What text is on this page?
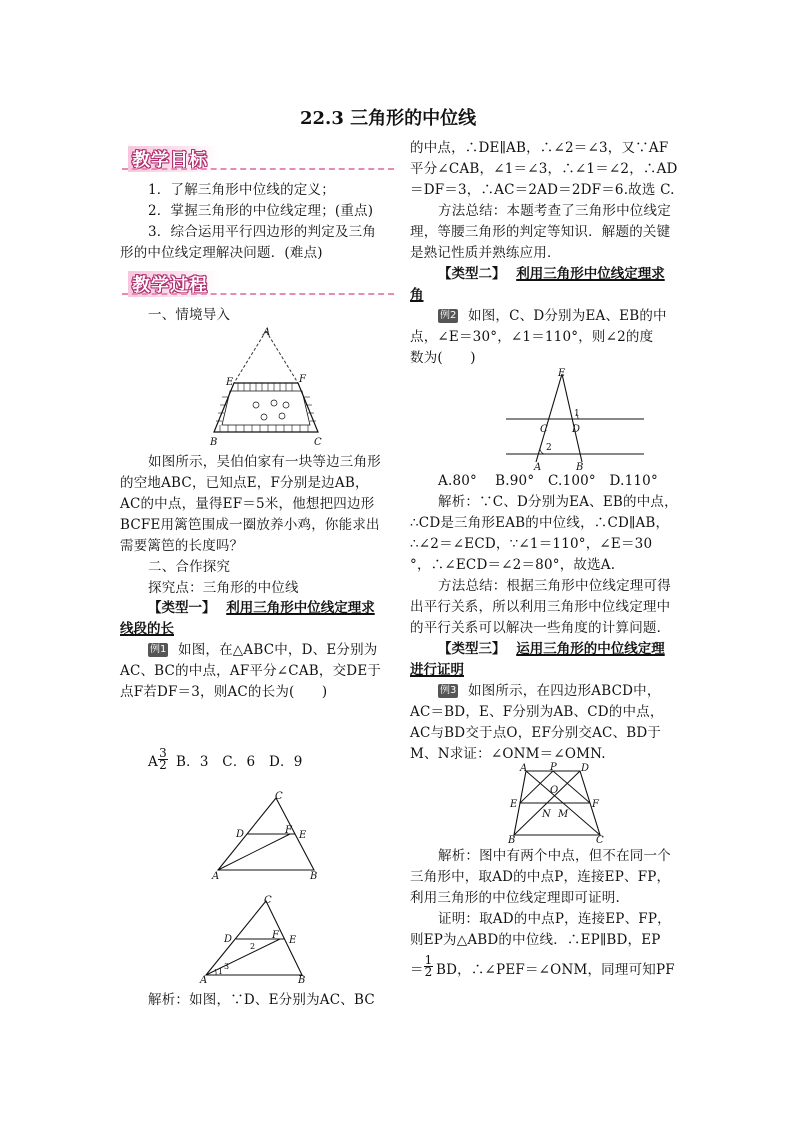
22.3 三角形的中位线
教学目标
1．了解三角形中位线的定义；
2．掌握三角形的中位线定理；(重点)
3．综合运用平行四边形的判定及三角
形的中位线定理解决问题．(难点)
教学过程
一、情境导入
A
E	F
B	C
如图所示，吴伯伯家有一块等边三角形
的空地ABC，已知点E，F分别是边AB，
AC的中点，量得EF＝5米，他想把四边形
BCFE用篱笆围成一圈放养小鸡，你能求出
需要篱笆的长度吗？
二、合作探究
探究点：三角形的中位线
【类型一】 利用三角形中位线定理求
线段的长
例1 如图，在△ABC中，D、E分别为
AC、BC的中点，AF平分∠CAB，交DE于
点F若DF＝3，则AC的长为(　　)
A $\frac{3}{2}$ B．3　C．6　D．9
C
D	F E
A	B
C
D	F E
A	B
1
2
3
解析：如图，∵D、E分别为AC、BC
的中点，∴DE∥AB，∴∠2＝∠3，又∵AF
平分∠CAB，∠1＝∠3，∴∠1＝∠2，∴AD
＝DF＝3，∴AC＝2AD＝2DF＝6.故选 C.
方法总结：本题考查了三角形中位线定
理，等腰三角形的判定等知识．解题的关键
是熟记性质并熟练应用．
【类型二】 利用三角形中位线定理求
角
例2 如图，C、D分别为EA、EB的中
点，∠E＝30°，∠1＝110°，则∠2的度
数为(　　)
E
1
C D
2
A	B
A.80°　 B.90°　C.100°　D.110°
解析：∵C、D分别为EA、EB的中点，
∴CD是三角形EAB的中位线，∴CD∥AB，
∴∠2＝∠ECD，∵∠1＝110°，∠E＝30
°，∴∠ECD＝∠2＝80°，故选A.
方法总结：根据三角形中位线定理可得
出平行关系，所以利用三角形中位线定理中
的平行关系可以解决一些角度的计算问题．
【类型三】 运用三角形的中位线定理
进行证明
例3 如图所示，在四边形ABCD中，
AC＝BD，E、F分别为AB、CD的中点，
AC与BD交于点O，EF分别交AC、BD于
M、N求证：∠ONM＝∠OMN.
A P D
O
E	F
N M
B	C
解析：图中有两个中点，但不在同一个
三角形中，取AD的中点P，连接EP、FP，
利用三角形的中位线定理即可证明.
证明：取AD的中点P，连接EP、FP，
则EP为△ABD的中位线．∴EP∥BD，EP
＝ $\frac{1}{2}$ BD，∴∠PEF＝∠ONM，同理可知PF
